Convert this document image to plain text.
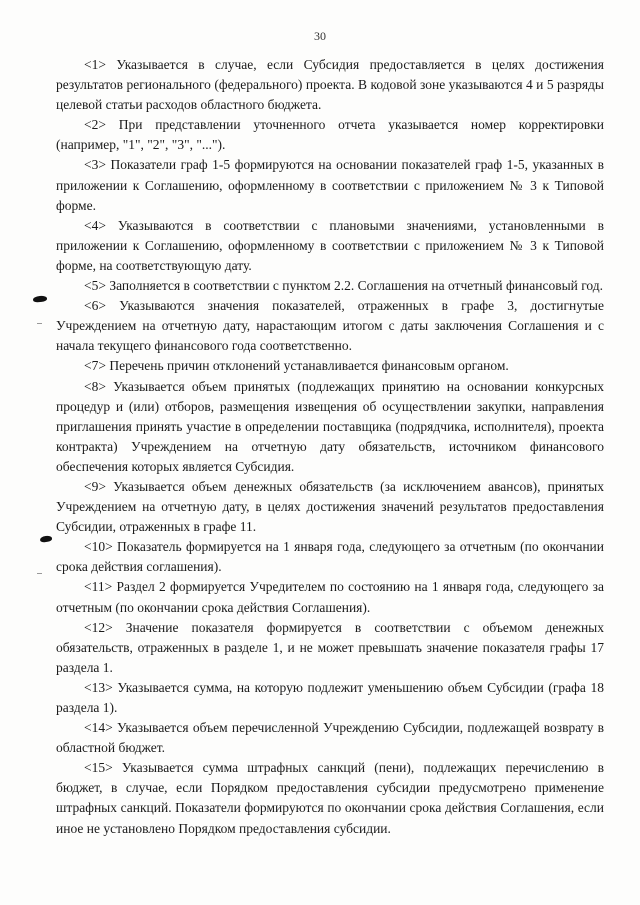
30

<1> Указывается в случае, если Субсидия предоставляется в целях достижения результатов регионального (федерального) проекта. В кодовой зоне указываются 4 и 5 разряды целевой статьи расходов областного бюджета.

<2> При представлении уточненного отчета указывается номер корректировки (например, "1", "2", "3", "...").

<3> Показатели граф 1-5 формируются на основании показателей граф 1-5, указанных в приложении к Соглашению, оформленному в соответствии с приложением № 3 к Типовой форме.

<4> Указываются в соответствии с плановыми значениями, установленными в приложении к Соглашению, оформленному в соответствии с приложением № 3 к Типовой форме, на соответствующую дату.

<5> Заполняется в соответствии с пунктом 2.2. Соглашения на отчетный финансовый год.

<6> Указываются значения показателей, отраженных в графе 3, достигнутые Учреждением на отчетную дату, нарастающим итогом с даты заключения Соглашения и с начала текущего финансового года соответственно.

<7> Перечень причин отклонений устанавливается финансовым органом.

<8> Указывается объем принятых (подлежащих принятию на основании конкурсных процедур и (или) отборов, размещения извещения об осуществлении закупки, направления приглашения принять участие в определении поставщика (подрядчика, исполнителя), проекта контракта) Учреждением на отчетную дату обязательств, источником финансового обеспечения которых является Субсидия.

<9> Указывается объем денежных обязательств (за исключением авансов), принятых Учреждением на отчетную дату, в целях достижения значений результатов предоставления Субсидии, отраженных в графе 11.

<10> Показатель формируется на 1 января года, следующего за отчетным (по окончании срока действия соглашения).

<11> Раздел 2 формируется Учредителем по состоянию на 1 января года, следующего за отчетным (по окончании срока действия Соглашения).

<12> Значение показателя формируется в соответствии с объемом денежных обязательств, отраженных в разделе 1, и не может превышать значение показателя графы 17 раздела 1.

<13> Указывается сумма, на которую подлежит уменьшению объем Субсидии (графа 18 раздела 1).

<14> Указывается объем перечисленной Учреждению Субсидии, подлежащей возврату в областной бюджет.

<15> Указывается сумма штрафных санкций (пени), подлежащих перечислению в бюджет, в случае, если Порядком предоставления субсидии предусмотрено применение штрафных санкций. Показатели формируются по окончании срока действия Соглашения, если иное не установлено Порядком предоставления субсидии.
